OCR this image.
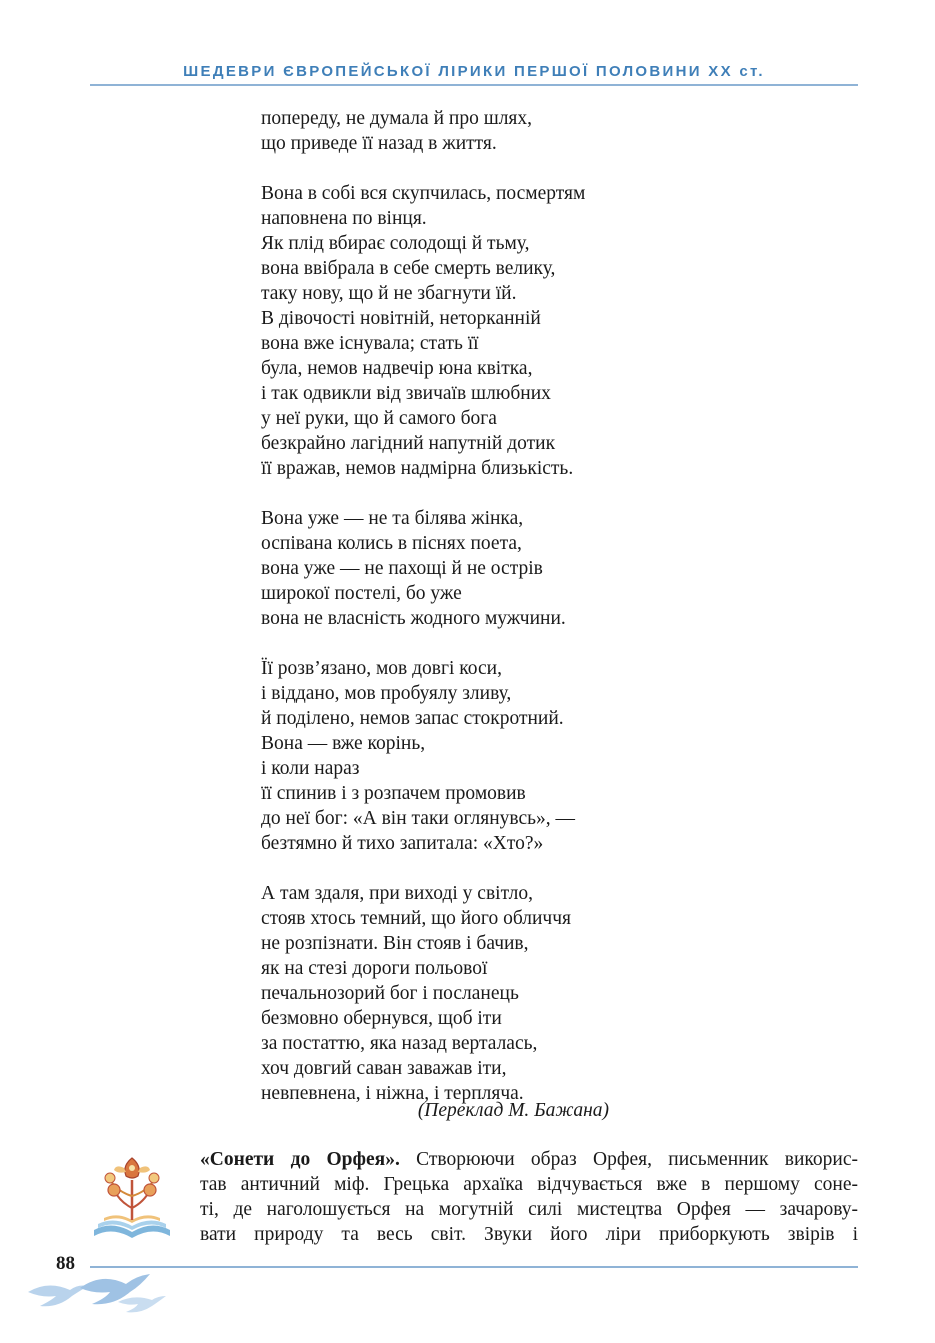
ШЕДЕВРИ ЄВРОПЕЙСЬКОЇ ЛІРИКИ ПЕРШОЇ ПОЛОВИНИ ХХ ст.
попереду, не думала й про шлях,
що приведе її назад в життя.
Вона в собі вся скупчилась, посмертям
наповнена по вінця.
Як плід вбирає солодощі й тьму,
вона ввібрала в себе смерть велику,
таку нову, що й не збагнути їй.
В дівочості новітній, неторканній
вона вже існувала; стать її
була, немов надвечір юна квітка,
і так одвикли від звичаїв шлюбних
у неї руки, що й самого бога
безкрайно лагідний напутній дотик
її вражав, немов надмірна близькість.
Вона уже — не та білява жінка,
оспівана колись в піснях поета,
вона уже — не пахощі й не острів
широкої постелі, бо уже
вона не власність жодного мужчини.
Її розв’язано, мов довгі коси,
і віддано, мов пробуялу зливу,
й поділено, немов запас стокротний.
Вона — вже корінь,
і коли нараз
її спинив і з розпачем промовив
до неї бог: «А він таки оглянувсь», —
безтямно й тихо запитала: «Хто?»
А там здаля, при виході у світло,
стояв хтось темний, що його обличчя
не розпізнати. Він стояв і бачив,
як на стезі дороги польової
печальнозорий бог і посланець
безмовно обернувся, щоб іти
за постаттю, яка назад верталась,
хоч довгий саван заважав іти,
невпевнена, і ніжна, і терпляча.
(Переклад М. Бажана)
«Сонети до Орфея». Створюючи образ Орфея, письменник викорис-
тав античний міф. Грецька архаїка відчувається вже в першому соне-
ті, де наголошується на могутній силі мистецтва Орфея — зачарову-
вати природу та весь світ. Звуки його ліри приборкують звірів і
88
